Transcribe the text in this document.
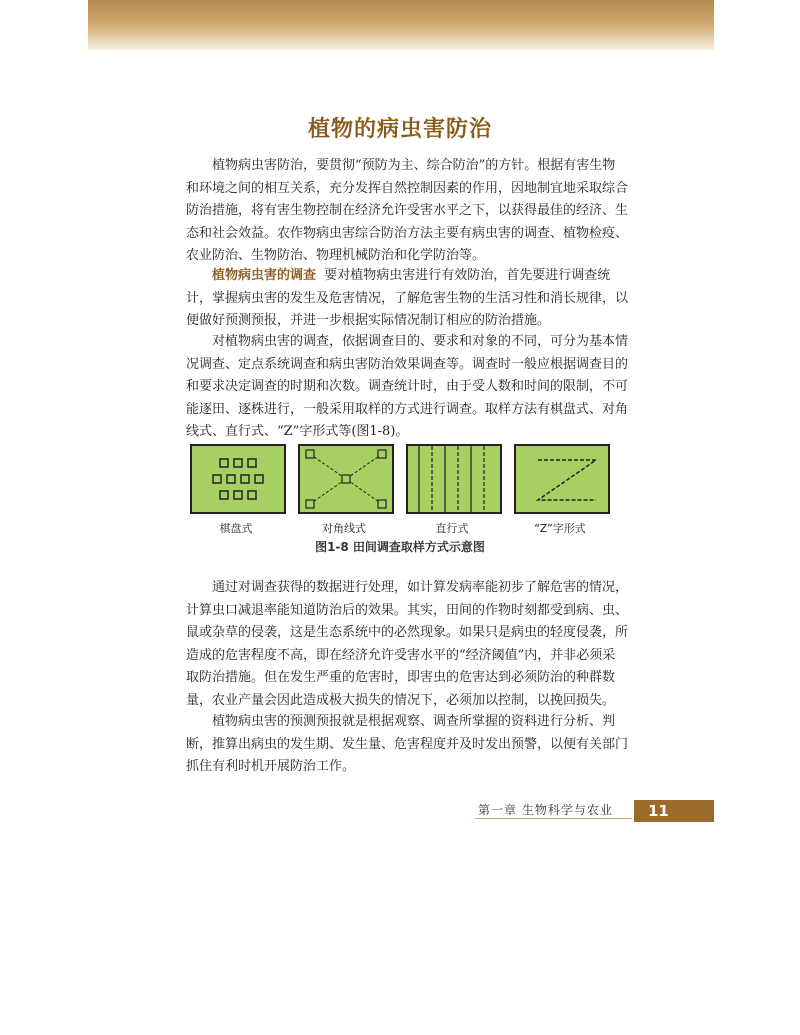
植物的病虫害防治

植物病虫害防治，要贯彻“预防为主、综合防治”的方针。根据有害生物
和环境之间的相互关系，充分发挥自然控制因素的作用，因地制宜地采取综合
防治措施，将有害生物控制在经济允许受害水平之下，以获得最佳的经济、生
态和社会效益。农作物病虫害综合防治方法主要有病虫害的调查、植物检疫、
农业防治、生物防治、物理机械防治和化学防治等。

植物病虫害的调查 要对植物病虫害进行有效防治，首先要进行调查统
计，掌握病虫害的发生及危害情况，了解危害生物的生活习性和消长规律，以
便做好预测预报，并进一步根据实际情况制订相应的防治措施。

对植物病虫害的调查，依据调查目的、要求和对象的不同，可分为基本情
况调查、定点系统调查和病虫害防治效果调查等。调查时一般应根据调查目的
和要求决定调查的时期和次数。调查统计时，由于受人数和时间的限制，不可
能逐田、逐株进行，一般采用取样的方式进行调查。取样方法有棋盘式、对角
线式、直行式、“Z”字形式等(图1-8)。

棋盘式	对角线式	直行式	“Z”字形式
图1-8 田间调查取样方式示意图

通过对调查获得的数据进行处理，如计算发病率能初步了解危害的情况，
计算虫口减退率能知道防治后的效果。其实，田间的作物时刻都受到病、虫、
鼠或杂草的侵袭，这是生态系统中的必然现象。如果只是病虫的轻度侵袭，所
造成的危害程度不高，即在经济允许受害水平的“经济阈值”内，并非必须采
取防治措施。但在发生严重的危害时，即害虫的危害达到必须防治的种群数
量，农业产量会因此造成极大损失的情况下，必须加以控制，以挽回损失。

植物病虫害的预测预报就是根据观察、调查所掌握的资料进行分析、判
断，推算出病虫的发生期、发生量、危害程度并及时发出预警，以便有关部门
抓住有利时机开展防治工作。

第一章 生物科学与农业	11
